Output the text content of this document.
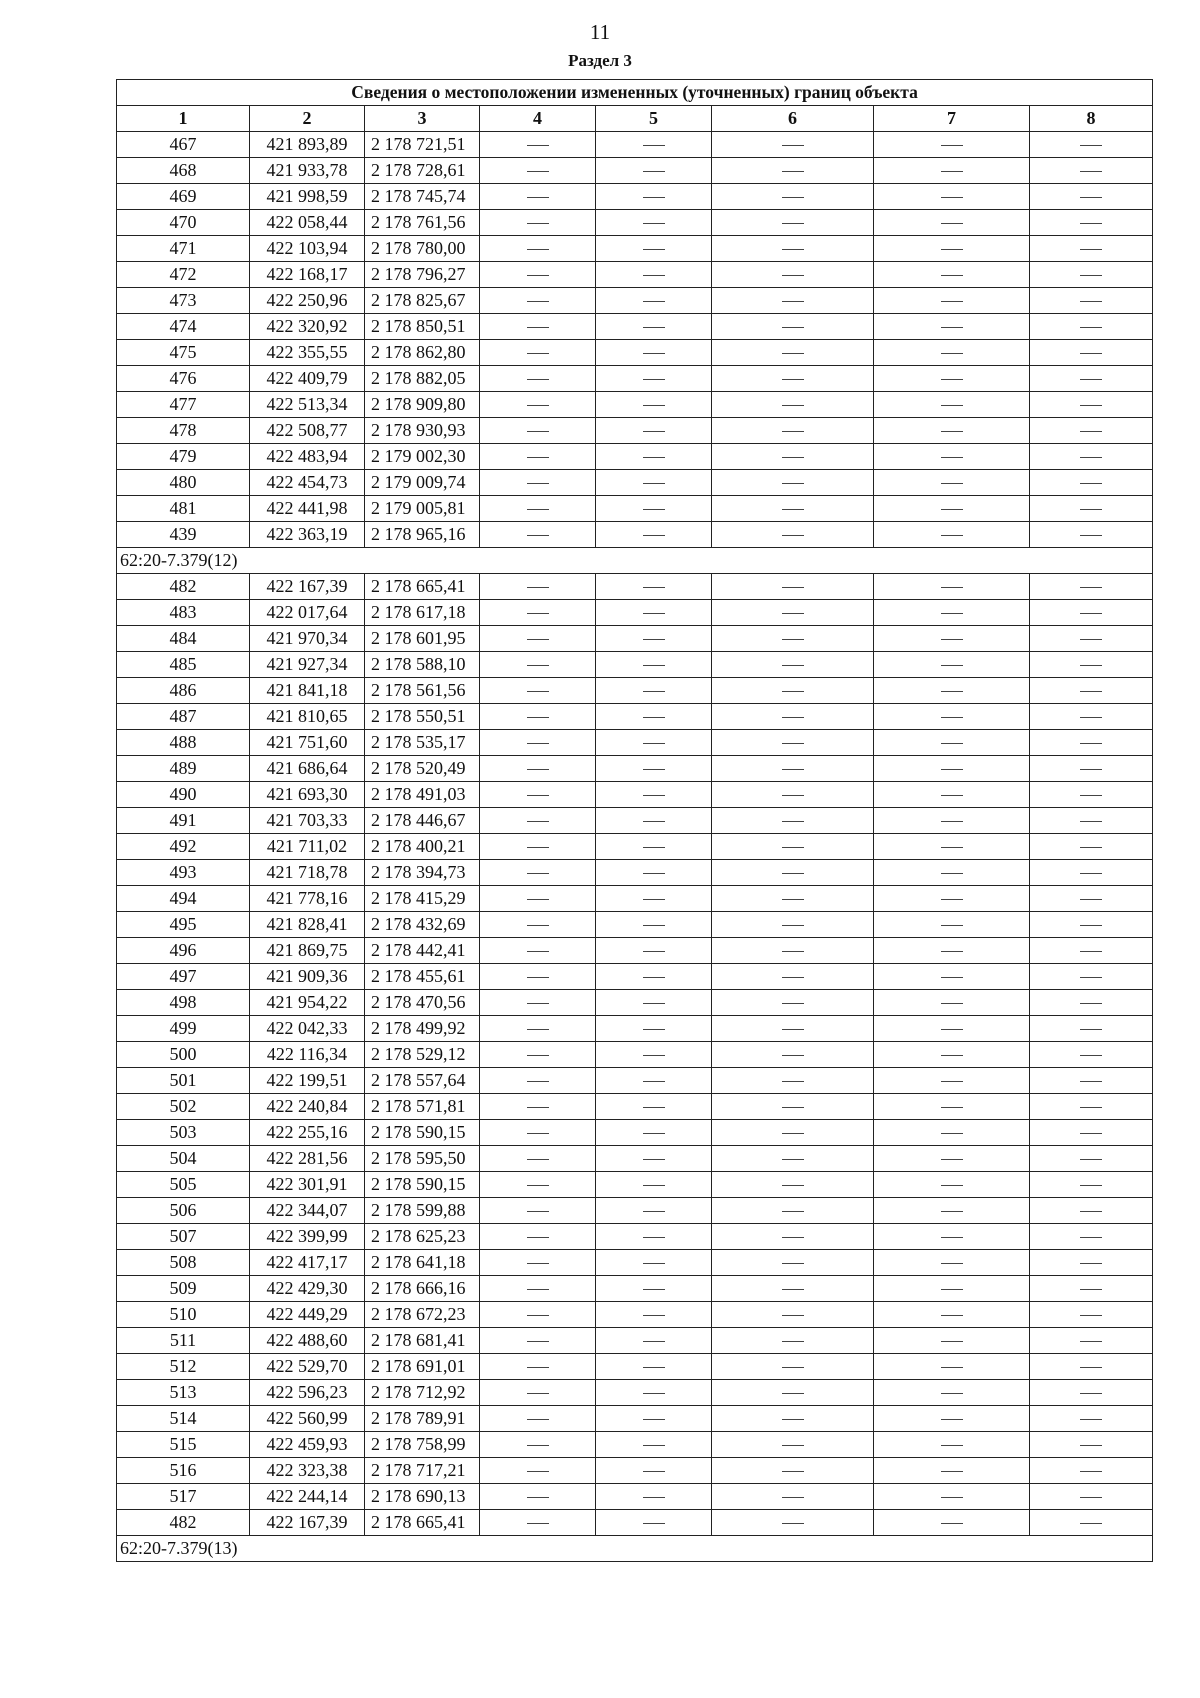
11
Раздел 3
Сведения о местоположении измененных (уточненных) границ объекта							
1	2	3	4	5	6	7	8
467	421 893,89	2 178 721,51					
468	421 933,78	2 178 728,61					
469	421 998,59	2 178 745,74					
470	422 058,44	2 178 761,56					
471	422 103,94	2 178 780,00					
472	422 168,17	2 178 796,27					
473	422 250,96	2 178 825,67					
474	422 320,92	2 178 850,51					
475	422 355,55	2 178 862,80					
476	422 409,79	2 178 882,05					
477	422 513,34	2 178 909,80					
478	422 508,77	2 178 930,93					
479	422 483,94	2 179 002,30					
480	422 454,73	2 179 009,74					
481	422 441,98	2 179 005,81					
439	422 363,19	2 178 965,16					
62:20-7.379(12)							
482	422 167,39	2 178 665,41					
483	422 017,64	2 178 617,18					
484	421 970,34	2 178 601,95					
485	421 927,34	2 178 588,10					
486	421 841,18	2 178 561,56					
487	421 810,65	2 178 550,51					
488	421 751,60	2 178 535,17					
489	421 686,64	2 178 520,49					
490	421 693,30	2 178 491,03					
491	421 703,33	2 178 446,67					
492	421 711,02	2 178 400,21					
493	421 718,78	2 178 394,73					
494	421 778,16	2 178 415,29					
495	421 828,41	2 178 432,69					
496	421 869,75	2 178 442,41					
497	421 909,36	2 178 455,61					
498	421 954,22	2 178 470,56					
499	422 042,33	2 178 499,92					
500	422 116,34	2 178 529,12					
501	422 199,51	2 178 557,64					
502	422 240,84	2 178 571,81					
503	422 255,16	2 178 590,15					
504	422 281,56	2 178 595,50					
505	422 301,91	2 178 590,15					
506	422 344,07	2 178 599,88					
507	422 399,99	2 178 625,23					
508	422 417,17	2 178 641,18					
509	422 429,30	2 178 666,16					
510	422 449,29	2 178 672,23					
511	422 488,60	2 178 681,41					
512	422 529,70	2 178 691,01					
513	422 596,23	2 178 712,92					
514	422 560,99	2 178 789,91					
515	422 459,93	2 178 758,99					
516	422 323,38	2 178 717,21					
517	422 244,14	2 178 690,13					
482	422 167,39	2 178 665,41					
62:20-7.379(13)							
